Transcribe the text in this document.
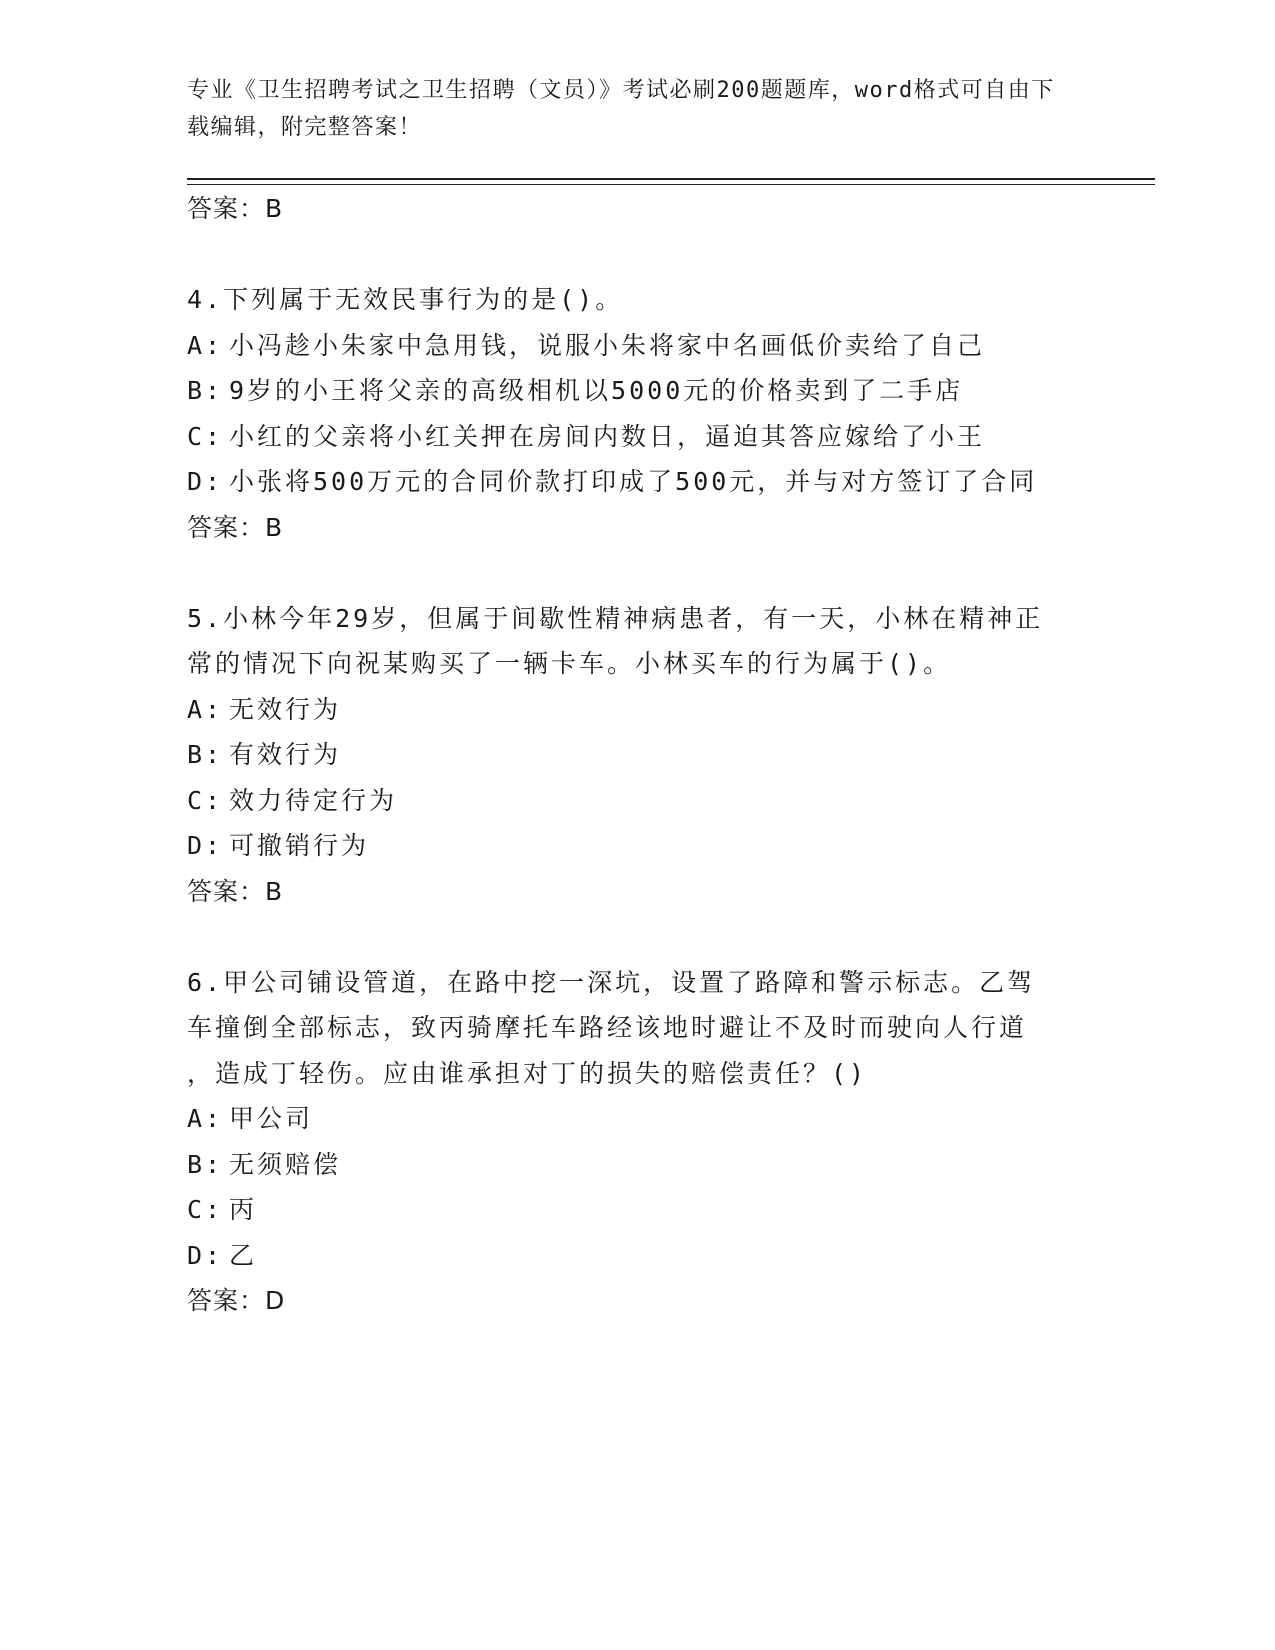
专业《卫生招聘考试之卫生招聘（文员）》考试必刷200题题库，word格式可自由下载编辑，附完整答案！
答案：B
4.下列属于无效民事行为的是()。
A: 小冯趁小朱家中急用钱，说服小朱将家中名画低价卖给了自己
B: 9岁的小王将父亲的高级相机以5000元的价格卖到了二手店
C: 小红的父亲将小红关押在房间内数日，逼迫其答应嫁给了小王
D: 小张将500万元的合同价款打印成了500元，并与对方签订了合同
答案：B
5.小林今年29岁，但属于间歇性精神病患者，有一天，小林在精神正
常的情况下向祝某购买了一辆卡车。小林买车的行为属于()。
A: 无效行为
B: 有效行为
C: 效力待定行为
D: 可撤销行为
答案：B
6.甲公司铺设管道，在路中挖一深坑，设置了路障和警示标志。乙驾
车撞倒全部标志，致丙骑摩托车路经该地时避让不及时而驶向人行道
，造成丁轻伤。应由谁承担对丁的损失的赔偿责任？()
A: 甲公司
B: 无须赔偿
C: 丙
D: 乙
答案：D
